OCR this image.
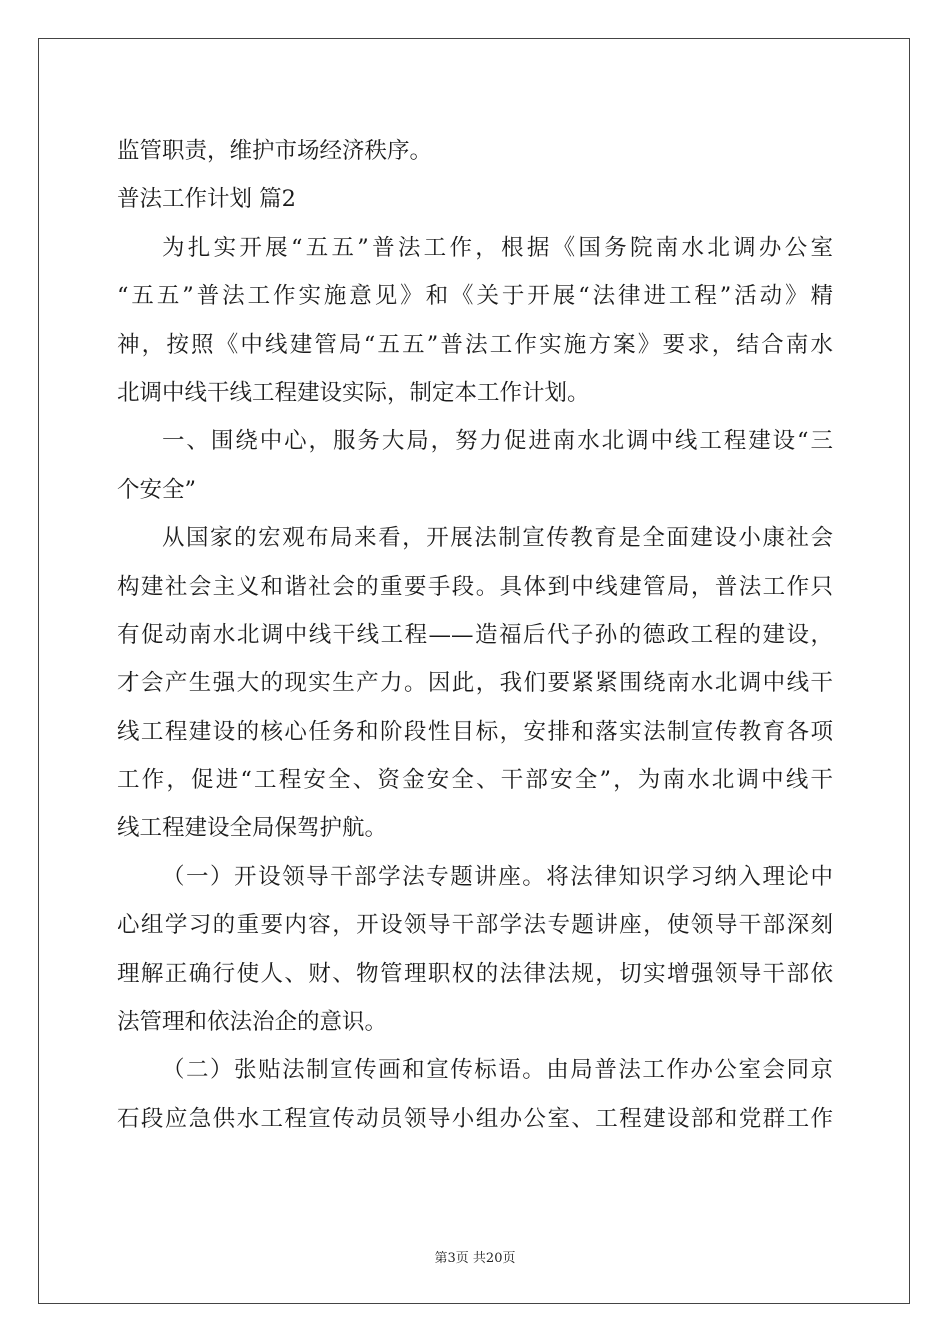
监管职责，维护市场经济秩序。
普法工作计划 篇2
为扎实开展“五五”普法工作，根据《国务院南水北调办公室
“五五”普法工作实施意见》和《关于开展“法律进工程”活动》精
神，按照《中线建管局“五五”普法工作实施方案》要求，结合南水
北调中线干线工程建设实际，制定本工作计划。
一、围绕中心，服务大局，努力促进南水北调中线工程建设“三
个安全”
从国家的宏观布局来看，开展法制宣传教育是全面建设小康社会
构建社会主义和谐社会的重要手段。具体到中线建管局，普法工作只
有促动南水北调中线干线工程——造福后代子孙的德政工程的建设，
才会产生强大的现实生产力。因此，我们要紧紧围绕南水北调中线干
线工程建设的核心任务和阶段性目标，安排和落实法制宣传教育各项
工作，促进“工程安全、资金安全、干部安全”，为南水北调中线干
线工程建设全局保驾护航。
（一）开设领导干部学法专题讲座。将法律知识学习纳入理论中
心组学习的重要内容，开设领导干部学法专题讲座，使领导干部深刻
理解正确行使人、财、物管理职权的法律法规，切实增强领导干部依
法管理和依法治企的意识。
（二）张贴法制宣传画和宣传标语。由局普法工作办公室会同京
石段应急供水工程宣传动员领导小组办公室、工程建设部和党群工作
第3页 共20页
